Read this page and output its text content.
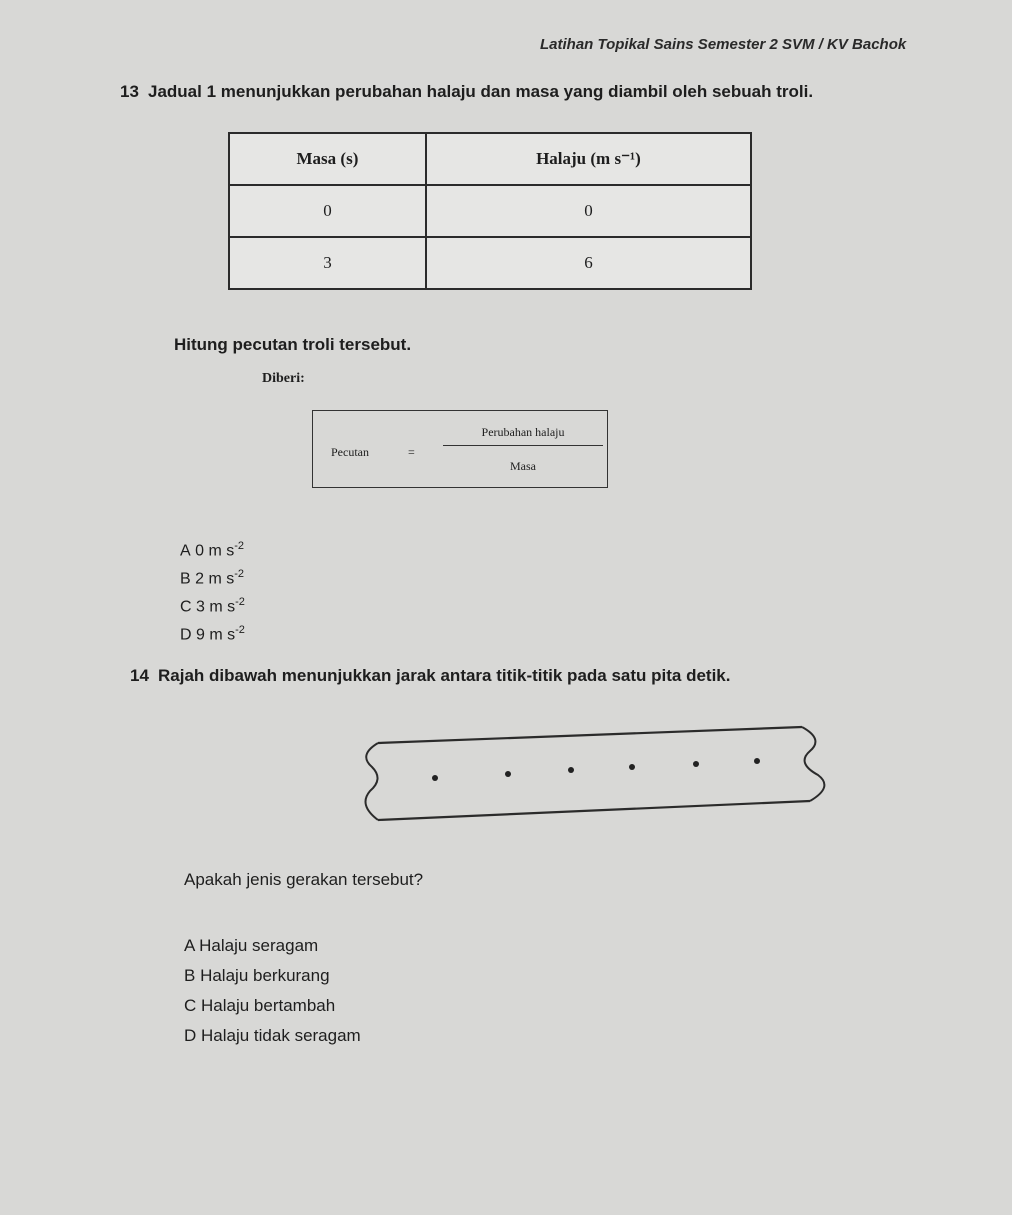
Latihan Topikal Sains Semester 2 SVM / KV Bachok
13 Jadual 1 menunjukkan perubahan halaju dan masa yang diambil oleh sebuah troli.
Masa (s)	Halaju (m s⁻¹)
0	0
3	6
Hitung pecutan troli tersebut.
Diberi:
Pecutan	=
Perubahan halaju
Masa
A 0 m $s^{-2}$
B 2 m $s^{-2}$
C 3 m $s^{-2}$
D 9 m $s^{-2}$
14 Rajah dibawah menunjukkan jarak antara titik-titik pada satu pita detik.
Apakah jenis gerakan tersebut?
A Halaju seragam
B Halaju berkurang
C Halaju bertambah
D Halaju tidak seragam
